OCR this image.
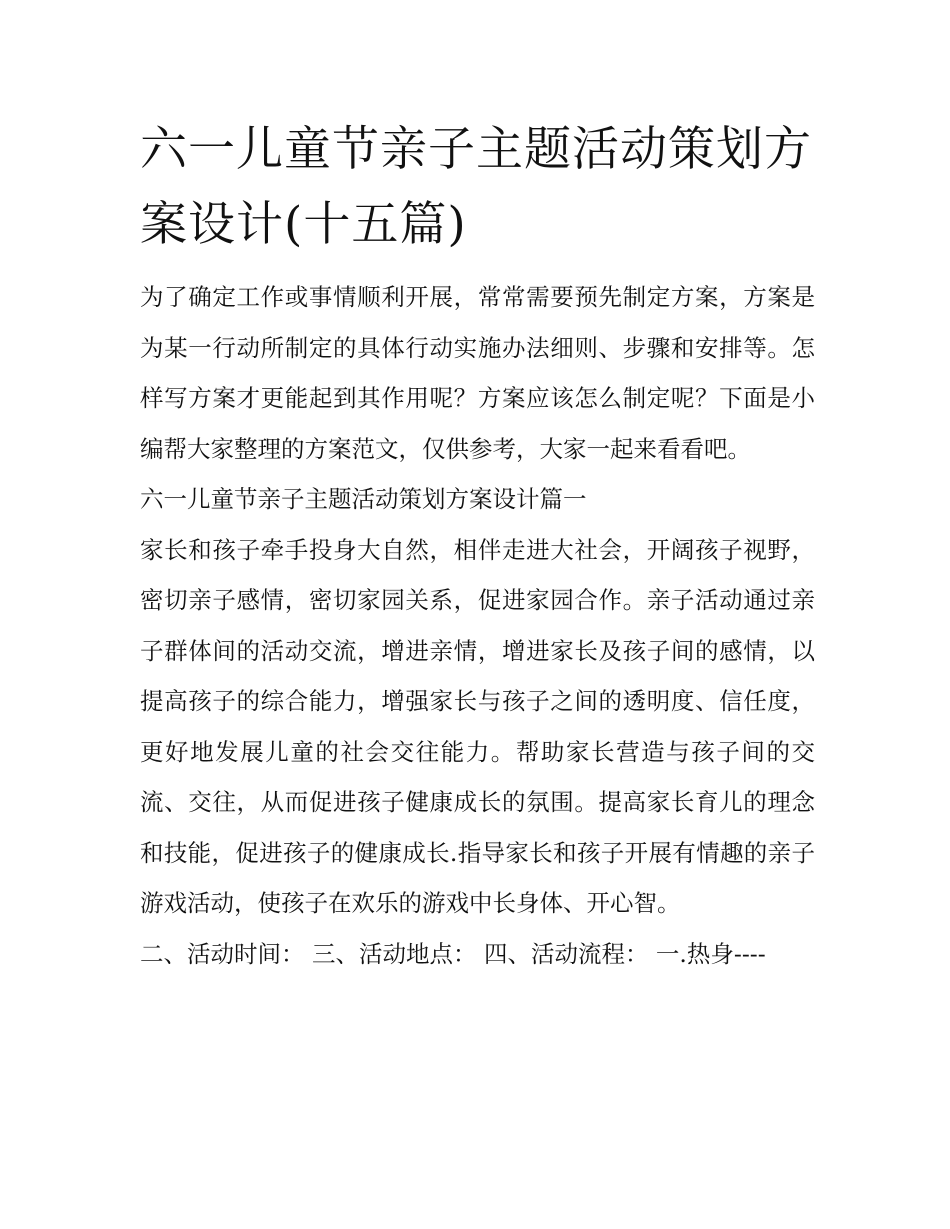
六一儿童节亲子主题活动策划方案设计(十五篇)

为了确定工作或事情顺利开展，常常需要预先制定方案，方案是为某一行动所制定的具体行动实施办法细则、步骤和安排等。怎样写方案才更能起到其作用呢？方案应该怎么制定呢？下面是小编帮大家整理的方案范文，仅供参考，大家一起来看看吧。

六一儿童节亲子主题活动策划方案设计篇一

家长和孩子牵手投身大自然，相伴走进大社会，开阔孩子视野，密切亲子感情，密切家园关系，促进家园合作。亲子活动通过亲子群体间的活动交流，增进亲情，增进家长及孩子间的感情，以提高孩子的综合能力，增强家长与孩子之间的透明度、信任度，更好地发展儿童的社会交往能力。帮助家长营造与孩子间的交流、交往，从而促进孩子健康成长的氛围。提高家长育儿的理念和技能，促进孩子的健康成长.指导家长和孩子开展有情趣的亲子游戏活动，使孩子在欢乐的游戏中长身体、开心智。

二、活动时间： 三、活动地点： 四、活动流程： 一.热身----
